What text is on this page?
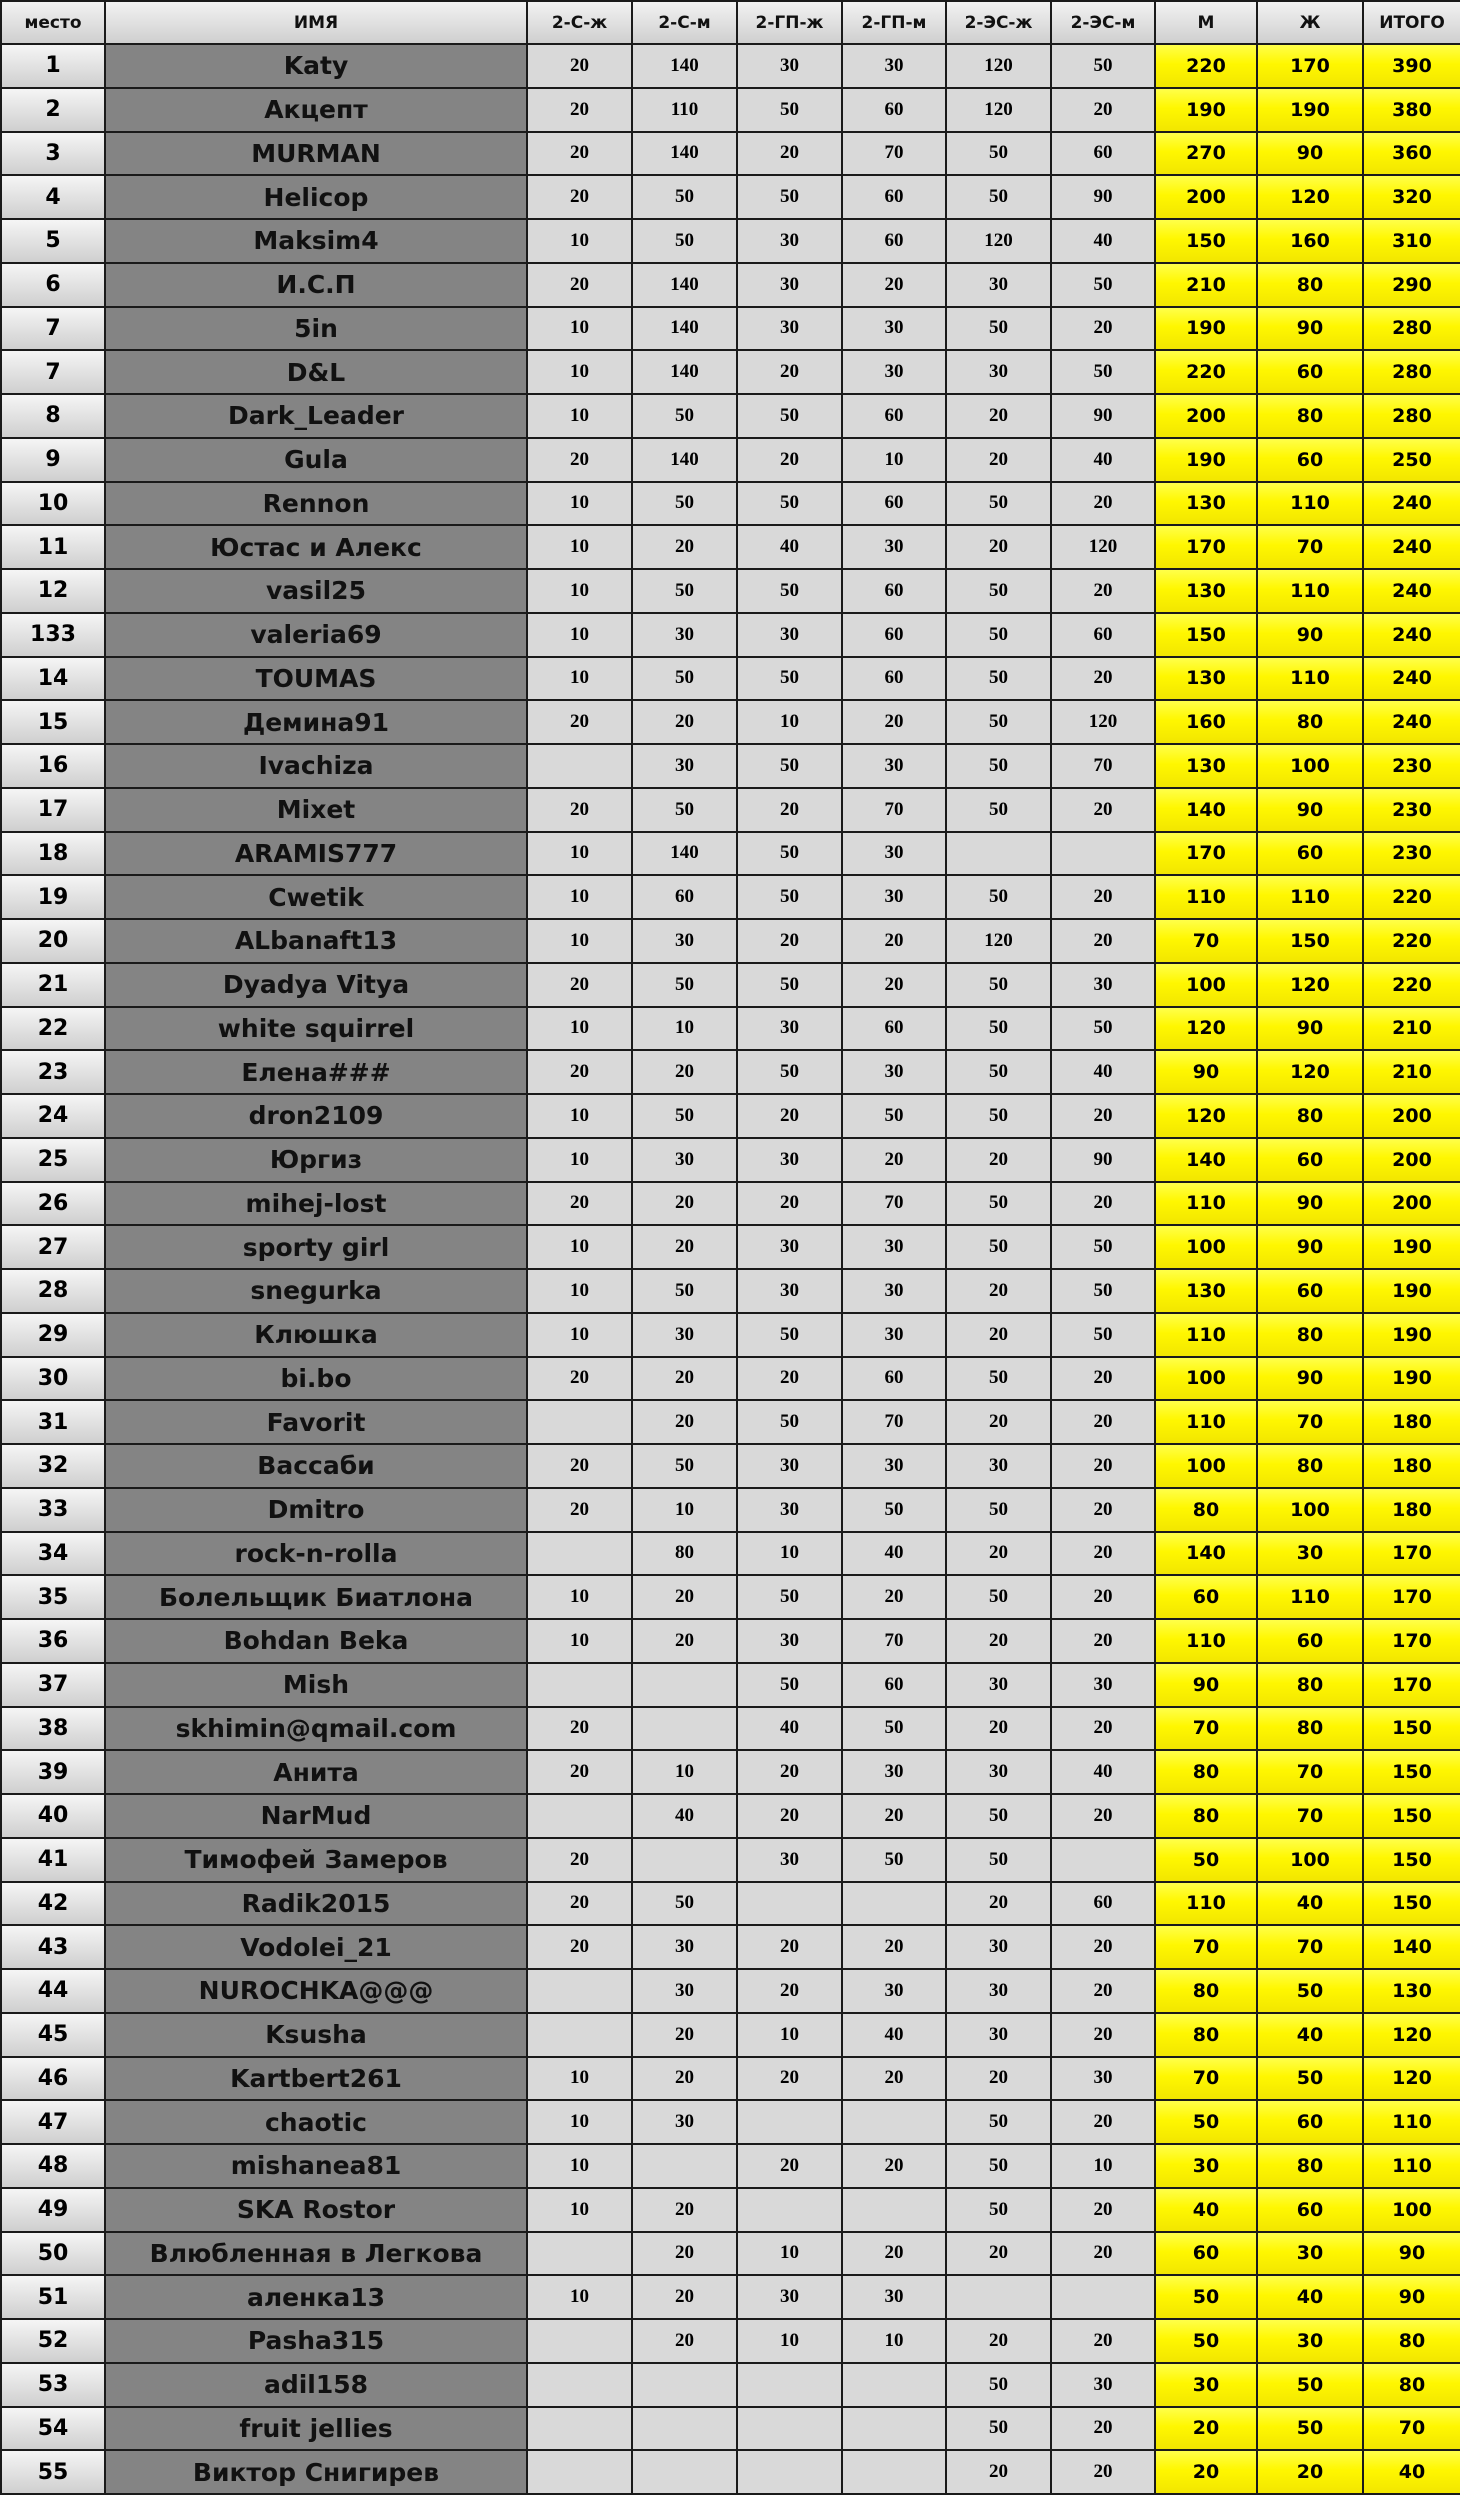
место	ИМЯ	2-С-ж	2-С-м	2-ГП-ж	2-ГП-м	2-ЭС-ж	2-ЭС-м	М	Ж	ИТОГО
1	Katy	20	140	30	30	120	50	220	170	390
2	Акцепт	20	110	50	60	120	20	190	190	380
3	MURMAN	20	140	20	70	50	60	270	90	360
4	Helicop	20	50	50	60	50	90	200	120	320
5	Maksim4	10	50	30	60	120	40	150	160	310
6	И.С.П	20	140	30	20	30	50	210	80	290
7	5in	10	140	30	30	50	20	190	90	280
7	D&L	10	140	20	30	30	50	220	60	280
8	Dark_Leader	10	50	50	60	20	90	200	80	280
9	Gula	20	140	20	10	20	40	190	60	250
10	Rennon	10	50	50	60	50	20	130	110	240
11	Юстас и Алекс	10	20	40	30	20	120	170	70	240
12	vasil25	10	50	50	60	50	20	130	110	240
133	valeria69	10	30	30	60	50	60	150	90	240
14	TOUMAS	10	50	50	60	50	20	130	110	240
15	Демина91	20	20	10	20	50	120	160	80	240
16	Ivachiza		30	50	30	50	70	130	100	230
17	Mixet	20	50	20	70	50	20	140	90	230
18	ARAMIS777	10	140	50	30			170	60	230
19	Cwetik	10	60	50	30	50	20	110	110	220
20	ALbanaft13	10	30	20	20	120	20	70	150	220
21	Dyadya Vitya	20	50	50	20	50	30	100	120	220
22	white squirrel	10	10	30	60	50	50	120	90	210
23	Елена###	20	20	50	30	50	40	90	120	210
24	dron2109	10	50	20	50	50	20	120	80	200
25	Юргиз	10	30	30	20	20	90	140	60	200
26	mihej-lost	20	20	20	70	50	20	110	90	200
27	sporty girl	10	20	30	30	50	50	100	90	190
28	snegurka	10	50	30	30	20	50	130	60	190
29	Клюшка	10	30	50	30	20	50	110	80	190
30	bi.bo	20	20	20	60	50	20	100	90	190
31	Favorit		20	50	70	20	20	110	70	180
32	Вассаби	20	50	30	30	30	20	100	80	180
33	Dmitro	20	10	30	50	50	20	80	100	180
34	rock-n-rolla		80	10	40	20	20	140	30	170
35	Болельщик Биатлона	10	20	50	20	50	20	60	110	170
36	Bohdan Beka	10	20	30	70	20	20	110	60	170
37	Mish			50	60	30	30	90	80	170
38	skhimin@qmail.com	20		40	50	20	20	70	80	150
39	Анита	20	10	20	30	30	40	80	70	150
40	NarMud		40	20	20	50	20	80	70	150
41	Тимофей Замеров	20		30	50	50		50	100	150
42	Radik2015	20	50			20	60	110	40	150
43	Vodolei_21	20	30	20	20	30	20	70	70	140
44	NUROCHKA@@@		30	20	30	30	20	80	50	130
45	Ksusha		20	10	40	30	20	80	40	120
46	Kartbert261	10	20	20	20	20	30	70	50	120
47	chaotic	10	30			50	20	50	60	110
48	mishanea81	10		20	20	50	10	30	80	110
49	SKA Rostor	10	20			50	20	40	60	100
50	Влюбленная в Легкова		20	10	20	20	20	60	30	90
51	аленка13	10	20	30	30			50	40	90
52	Pasha315		20	10	10	20	20	50	30	80
53	adil158					50	30	30	50	80
54	fruit jellies					50	20	20	50	70
55	Виктор Снигирев					20	20	20	20	40
